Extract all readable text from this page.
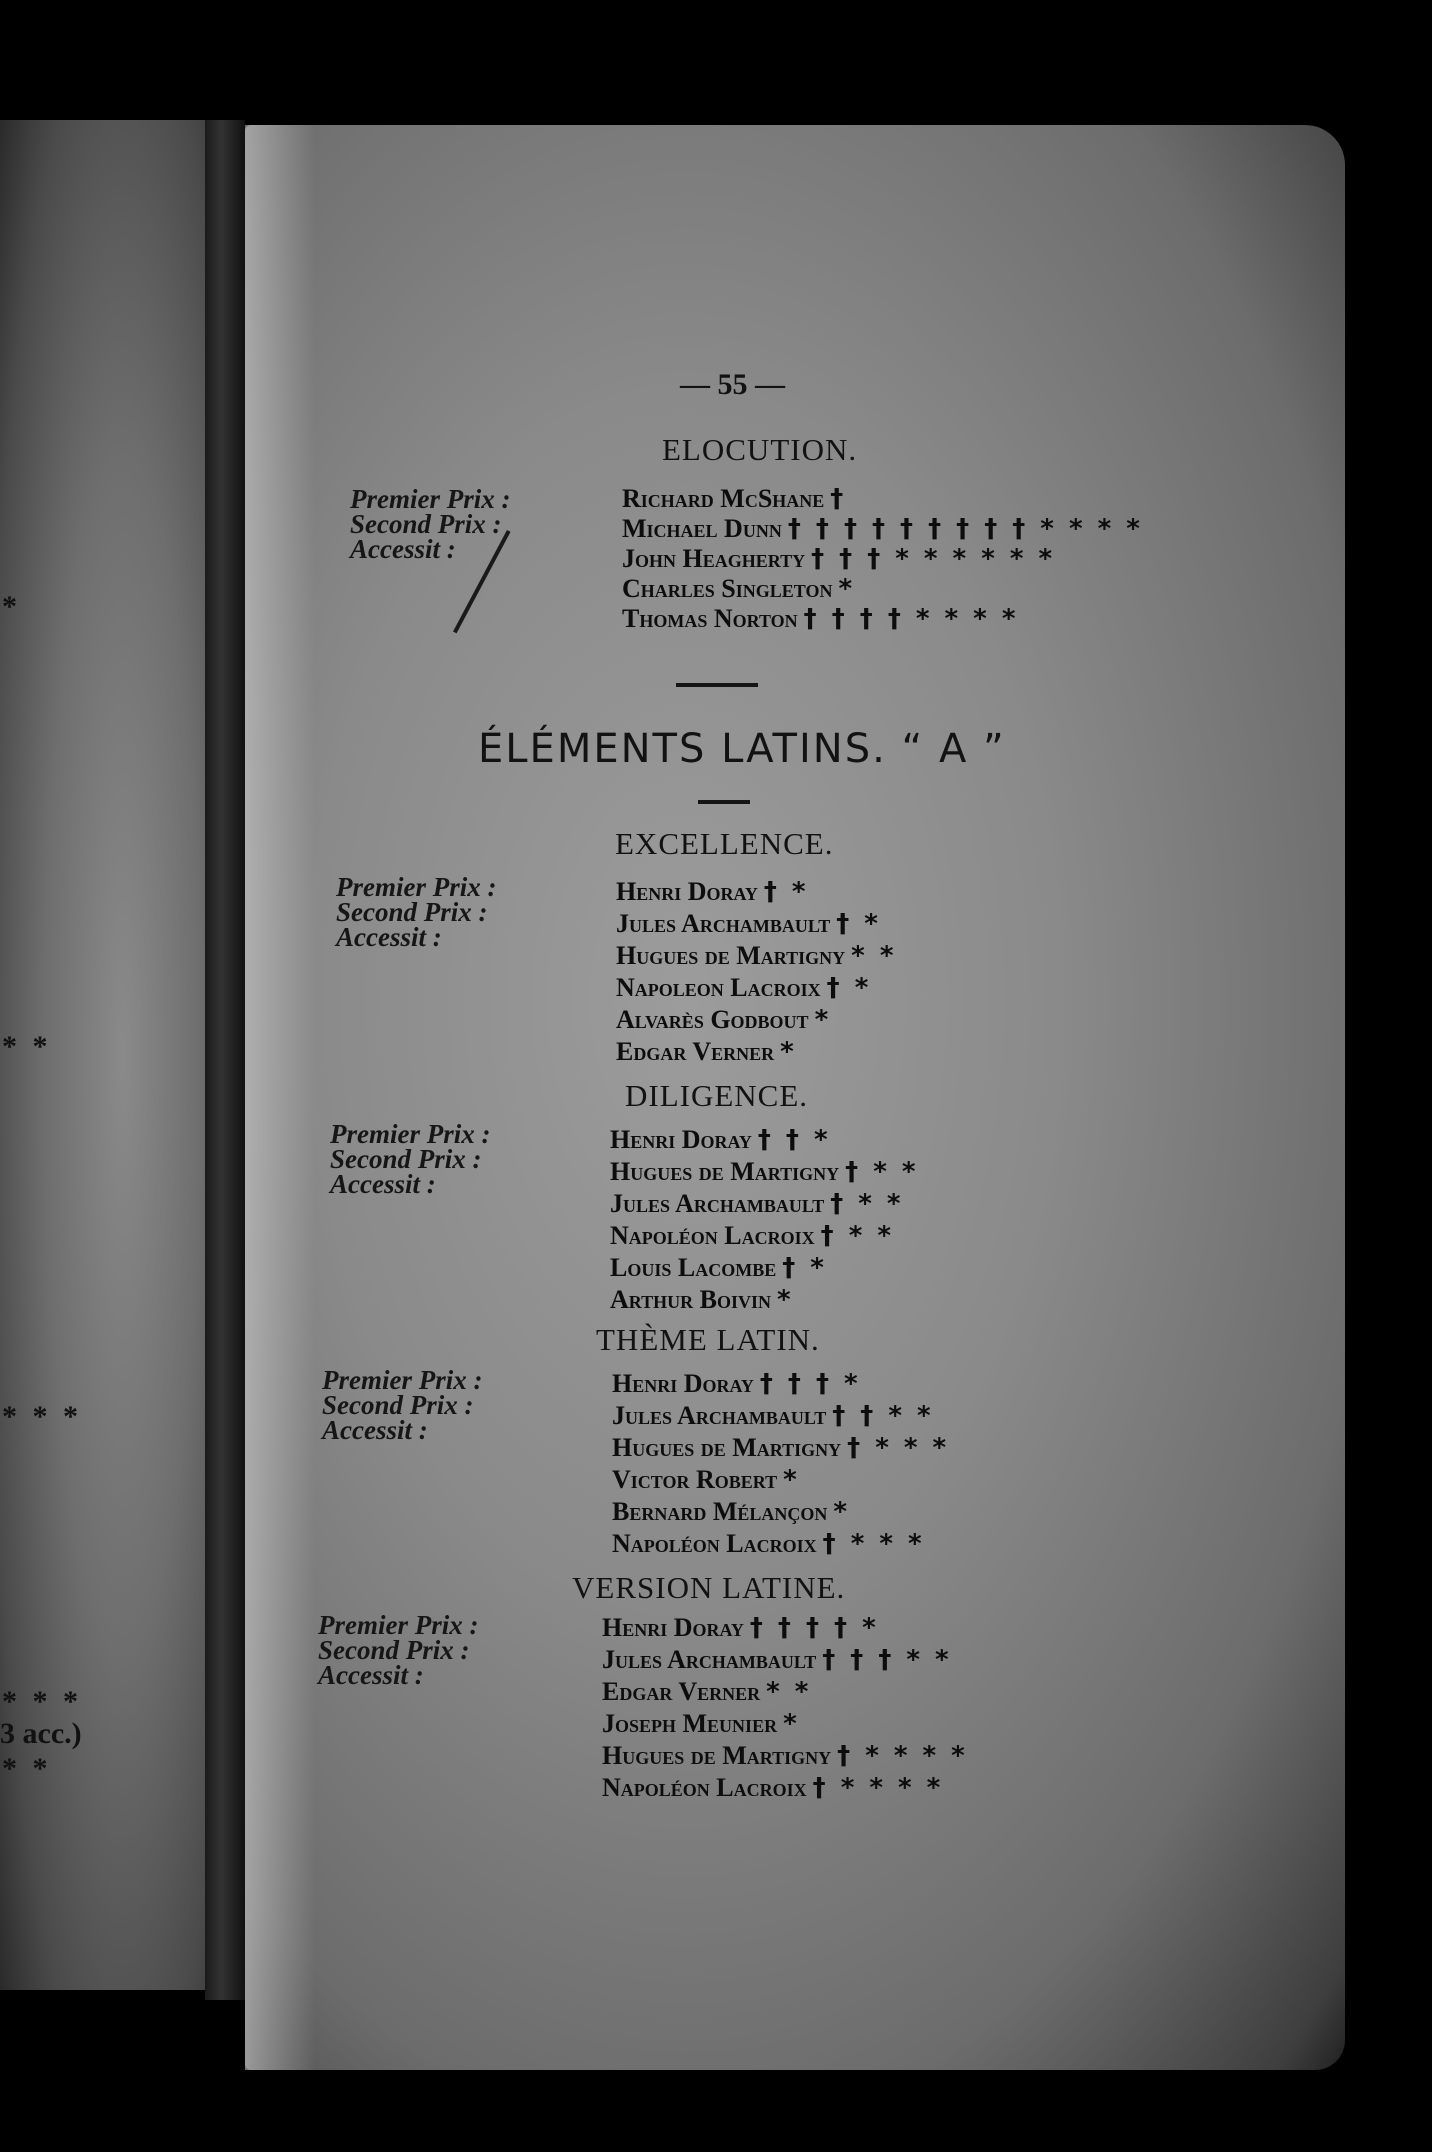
*
* *
* * *
* * *
3 acc.)
* *
— 55 —
ELOCUTION.
Premier Prix :
Second Prix :
Accessit :
Richard McShane †
Michael Dunn † † † † † † † † † * * * *
John Heagherty † † † * * * * * *
Charles Singleton *
Thomas Norton † † † † * * * *
ÉLÉMENTS LATINS. “ A ”
EXCELLENCE.
Premier Prix :
Second Prix :
Accessit :
Henri Doray † *
Jules Archambault † *
Hugues de Martigny * *
Napoleon Lacroix † *
Alvarès Godbout *
Edgar Verner *
DILIGENCE.
Premier Prix :
Second Prix :
Accessit :
Henri Doray † † *
Hugues de Martigny † * *
Jules Archambault † * *
Napoléon Lacroix † * *
Louis Lacombe † *
Arthur Boivin *
THÈME LATIN.
Premier Prix :
Second Prix :
Accessit :
Henri Doray † † † *
Jules Archambault † † * *
Hugues de Martigny † * * *
Victor Robert *
Bernard Mélançon *
Napoléon Lacroix † * * *
VERSION LATINE.
Premier Prix :
Second Prix :
Accessit :
Henri Doray † † † † *
Jules Archambault † † † * *
Edgar Verner * *
Joseph Meunier *
Hugues de Martigny † * * * *
Napoléon Lacroix † * * * *
